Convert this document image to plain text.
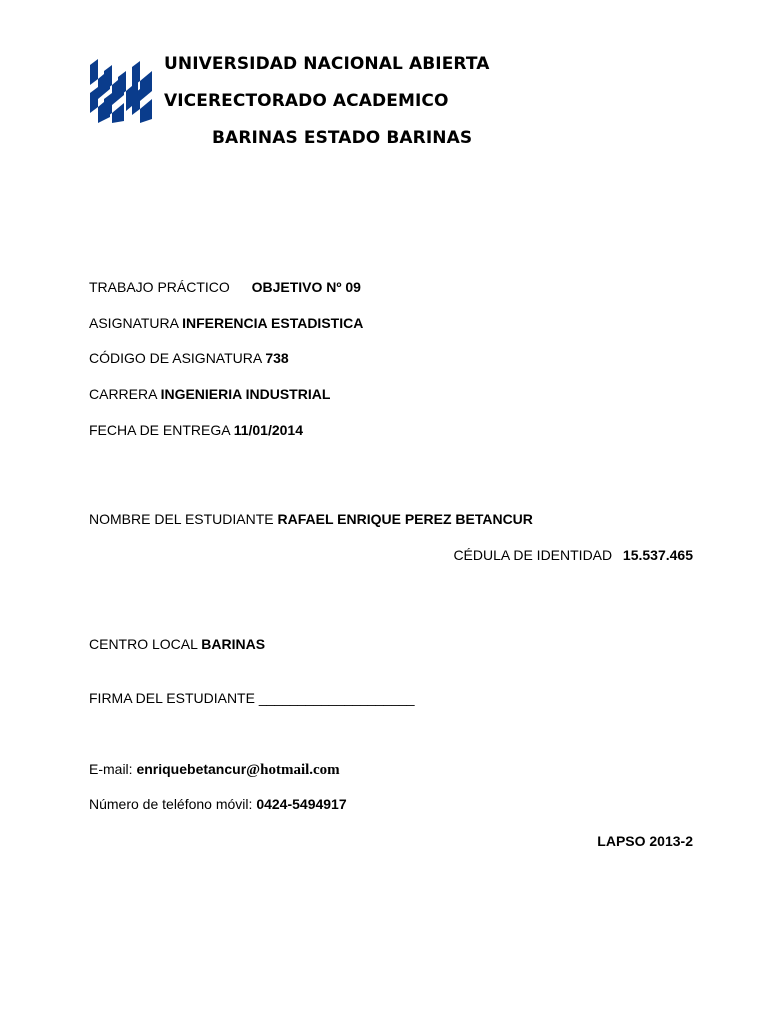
UNIVERSIDAD NACIONAL ABIERTA
VICERECTORADO ACADEMICO
BARINAS ESTADO BARINAS
TRABAJO PRÁCTICO OBJETIVO Nº 09
ASIGNATURA INFERENCIA ESTADISTICA
CÓDIGO DE ASIGNATURA 738
CARRERA INGENIERIA INDUSTRIAL
FECHA DE ENTREGA 11/01/2014
NOMBRE DEL ESTUDIANTE RAFAEL ENRIQUE PEREZ BETANCUR
CÉDULA DE IDENTIDAD 15.537.465
CENTRO LOCAL BARINAS
FIRMA DEL ESTUDIANTE ____________________
E-mail: enriquebetancur@hotmail.com
Número de teléfono móvil: 0424-5494917
LAPSO 2013-2
